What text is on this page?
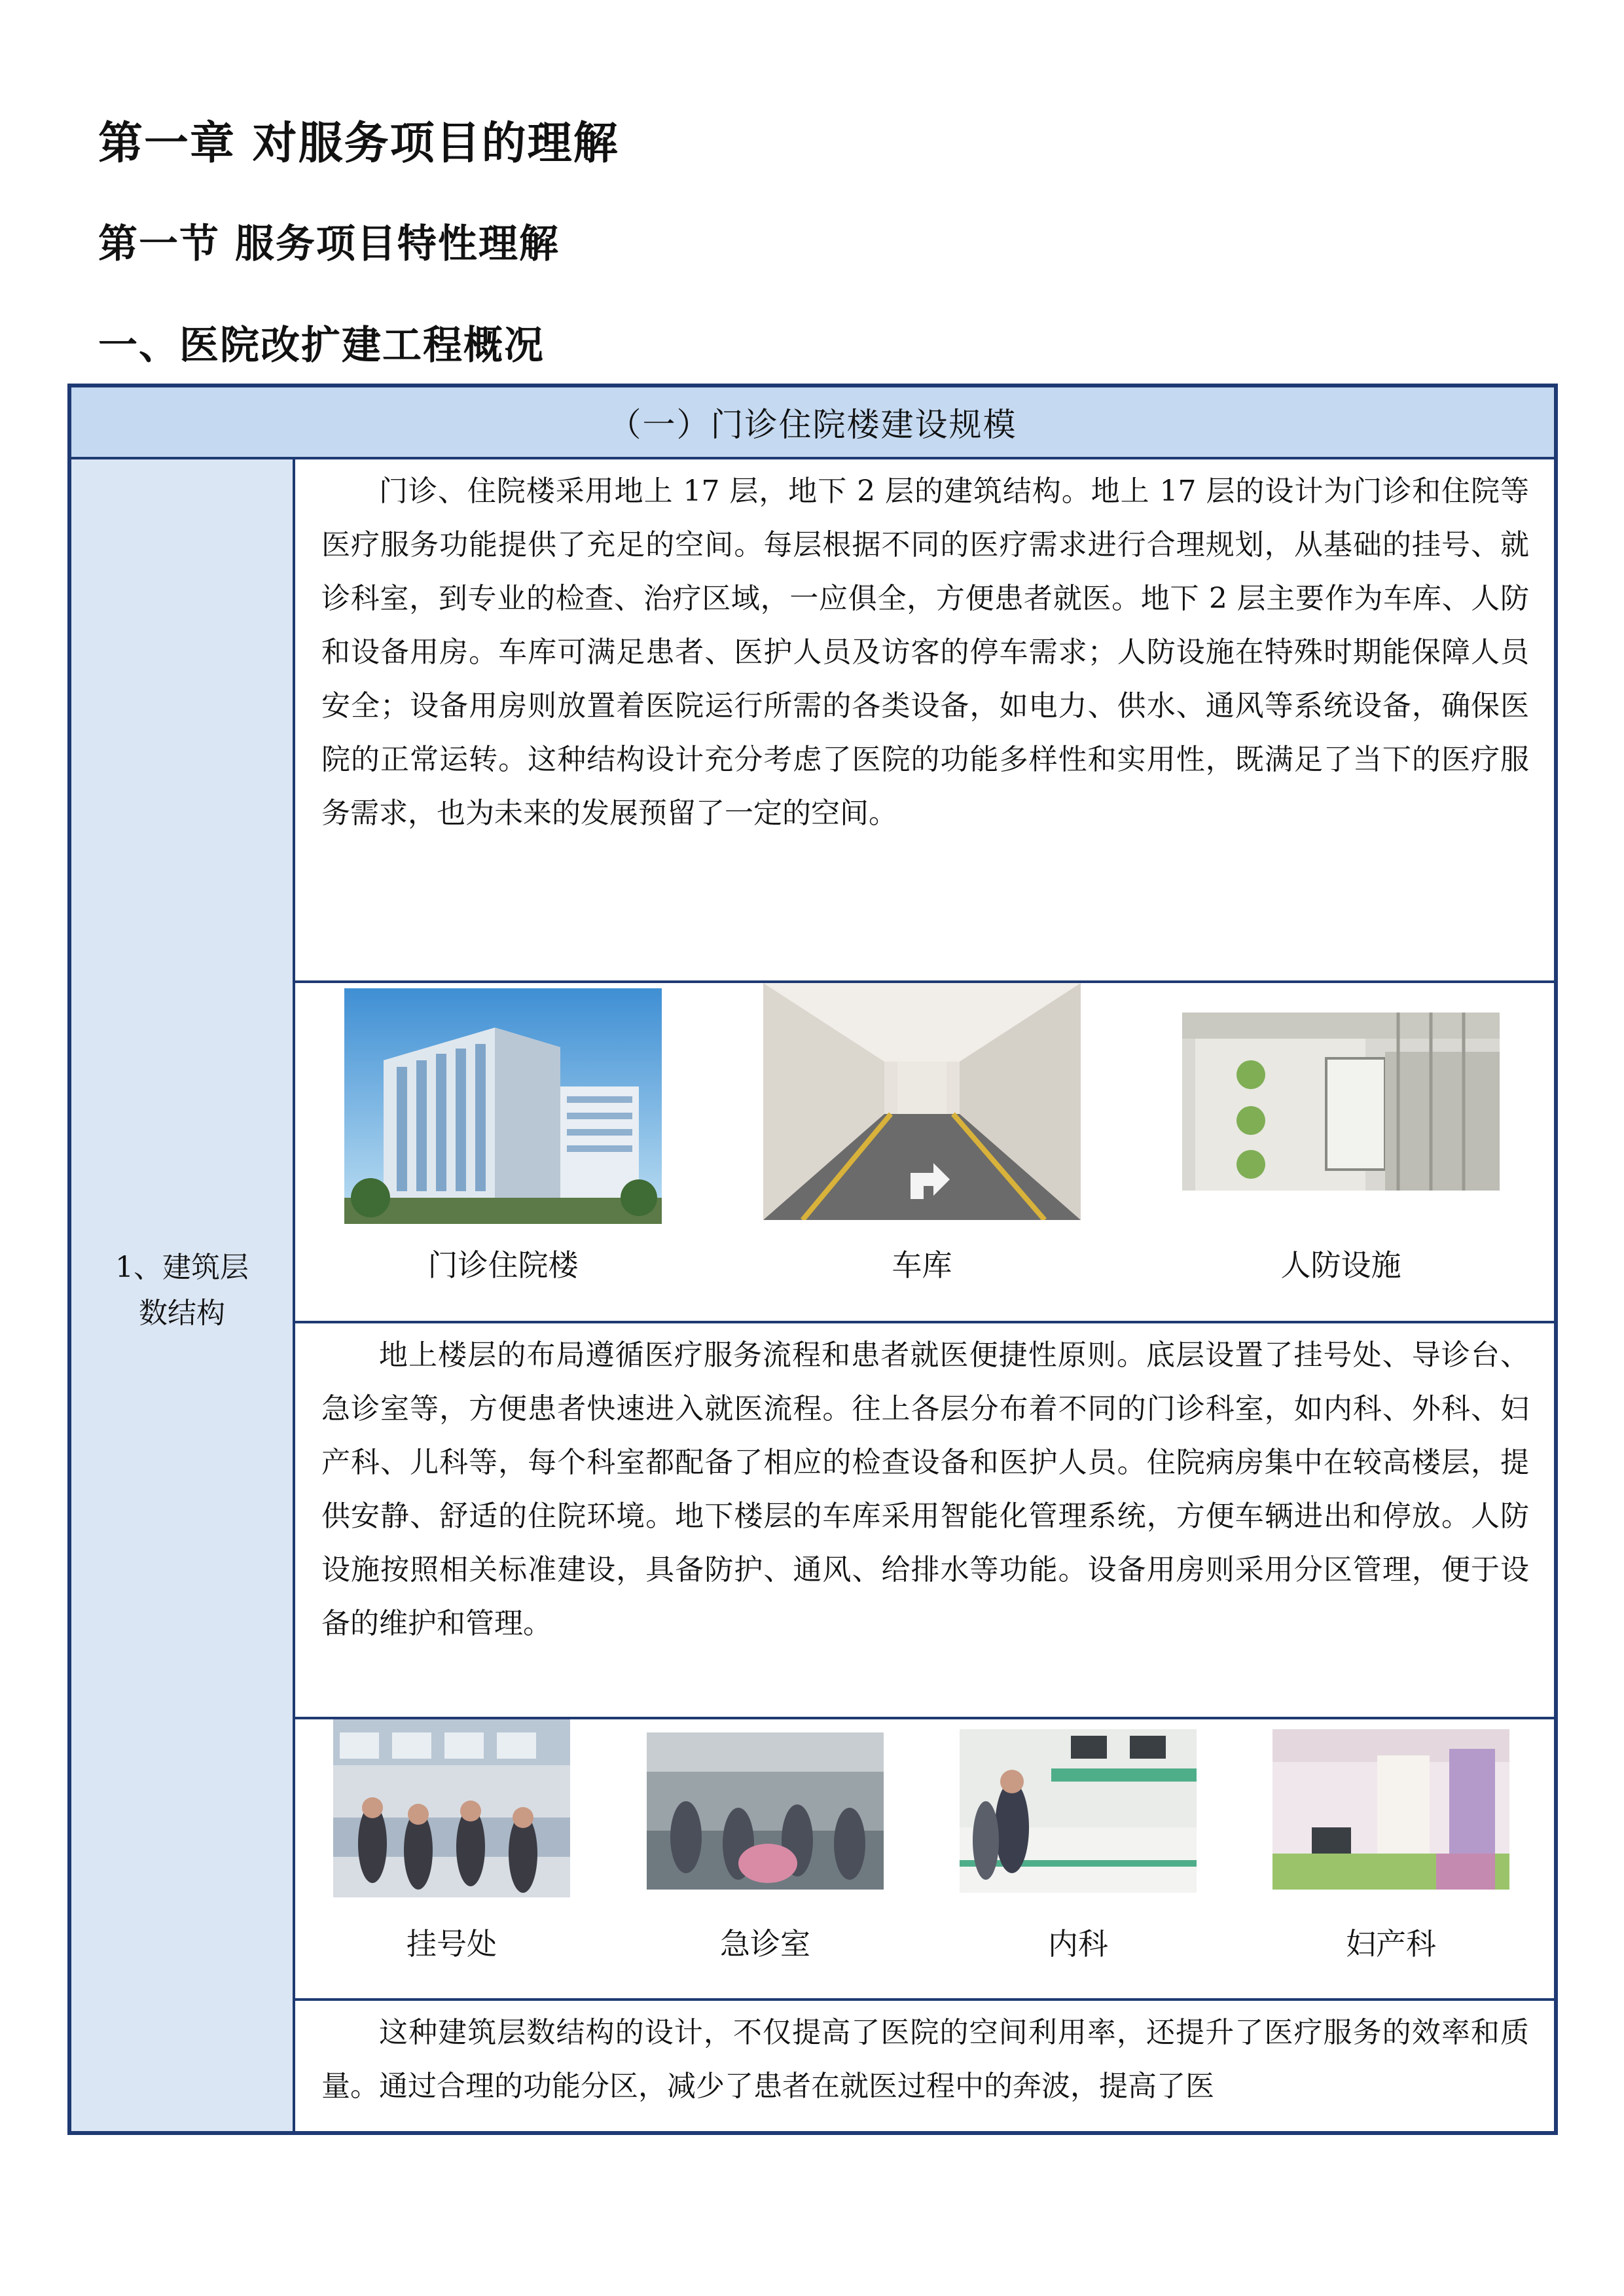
第一章 对服务项目的理解
第一节 服务项目特性理解
一、医院改扩建工程概况
（一）门诊住院楼建设规模
1、建筑层
数结构
门诊、住院楼采用地上 17 层，地下 2 层的建筑结构。地上 17 层的设计为门诊和住院等医疗服务功能提供了充足的空间。每层根据不同的医疗需求进行合理规划，从基础的挂号、就诊科室，到专业的检查、治疗区域，一应俱全，方便患者就医。地下 2 层主要作为车库、人防和设备用房。车库可满足患者、医护人员及访客的停车需求；人防设施在特殊时期能保障人员安全；设备用房则放置着医院运行所需的各类设备，如电力、供水、通风等系统设备，确保医院的正常运转。这种结构设计充分考虑了医院的功能多样性和实用性，既满足了当下的医疗服务需求，也为未来的发展预留了一定的空间。
门诊住院楼	车库	人防设施
地上楼层的布局遵循医疗服务流程和患者就医便捷性原则。底层设置了挂号处、导诊台、急诊室等，方便患者快速进入就医流程。往上各层分布着不同的门诊科室，如内科、外科、妇产科、儿科等，每个科室都配备了相应的检查设备和医护人员。住院病房集中在较高楼层，提供安静、舒适的住院环境。地下楼层的车库采用智能化管理系统，方便车辆进出和停放。人防设施按照相关标准建设，具备防护、通风、给排水等功能。设备用房则采用分区管理，便于设备的维护和管理。
挂号处	急诊室	内科	妇产科
这种建筑层数结构的设计，不仅提高了医院的空间利用率，还提升了医疗服务的效率和质量。通过合理的功能分区，减少了患者在就医过程中的奔波，提高了医
